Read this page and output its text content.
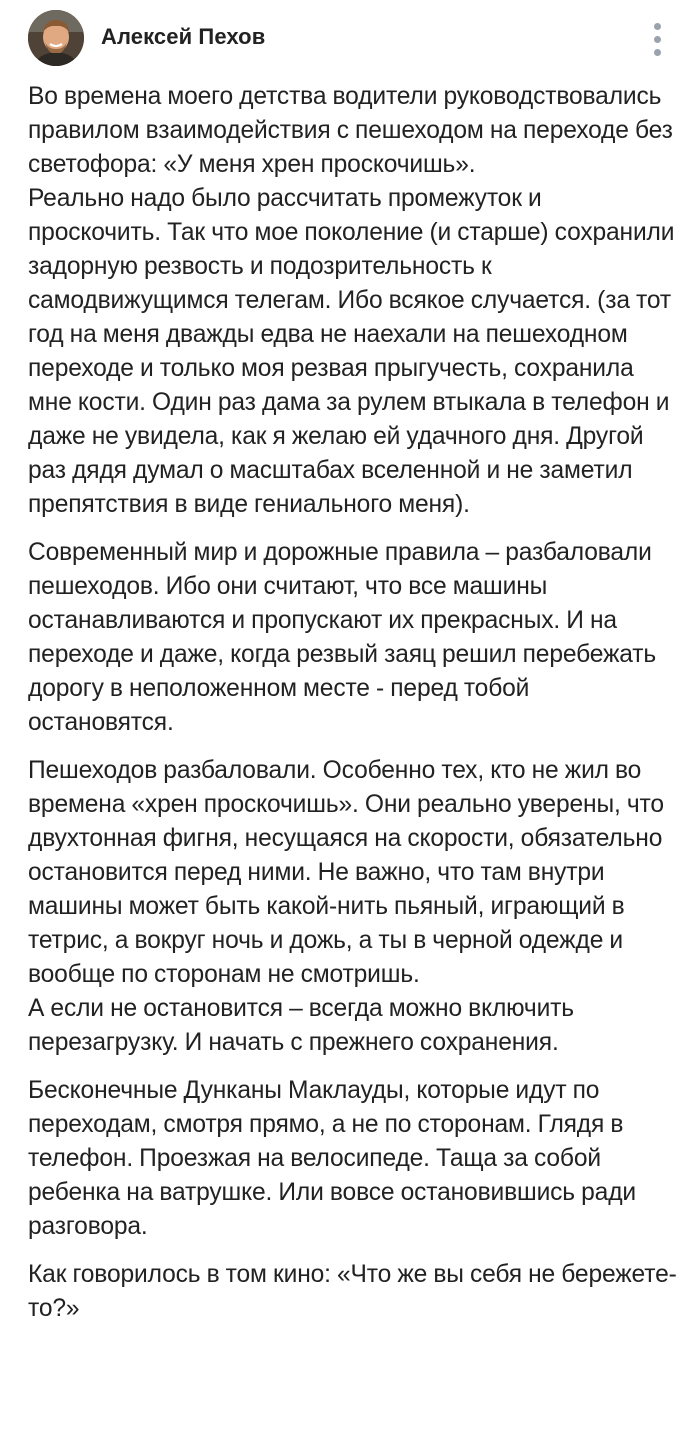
Алексей Пехов

Во времена моего детства водители руководствовались правилом взаимодействия с пешеходом на переходе без светофора: «У меня хрен проскочишь».
Реально надо было рассчитать промежуток и проскочить. Так что мое поколение (и старше) сохранили задорную резвость и подозрительность к самодвижущимся телегам. Ибо всякое случается. (за тот год на меня дважды едва не наехали на пешеходном переходе и только моя резвая прыгучесть, сохранила мне кости. Один раз дама за рулем втыкала в телефон и даже не увидела, как я желаю ей удачного дня. Другой раз дядя думал о масштабах вселенной и не заметил препятствия в виде гениального меня).

Современный мир и дорожные правила – разбаловали пешеходов. Ибо они считают, что все машины останавливаются и пропускают их прекрасных. И на переходе и даже, когда резвый заяц решил перебежать дорогу в неположенном месте - перед тобой остановятся.

Пешеходов разбаловали. Особенно тех, кто не жил во времена «хрен проскочишь». Они реально уверены, что двухтонная фигня, несущаяся на скорости, обязательно остановится перед ними. Не важно, что там внутри машины может быть какой-нить пьяный, играющий в тетрис, а вокруг ночь и дожь, а ты в черной одежде и вообще по сторонам не смотришь.
А если не остановится – всегда можно включить перезагрузку. И начать с прежнего сохранения.

Бесконечные Дунканы Маклауды, которые идут по переходам, смотря прямо, а не по сторонам. Глядя в телефон. Проезжая на велосипеде. Таща за собой ребенка на ватрушке. Или вовсе остановившись ради разговора.

Как говорилось в том кино: «Что же вы себя не бережете-то?»
